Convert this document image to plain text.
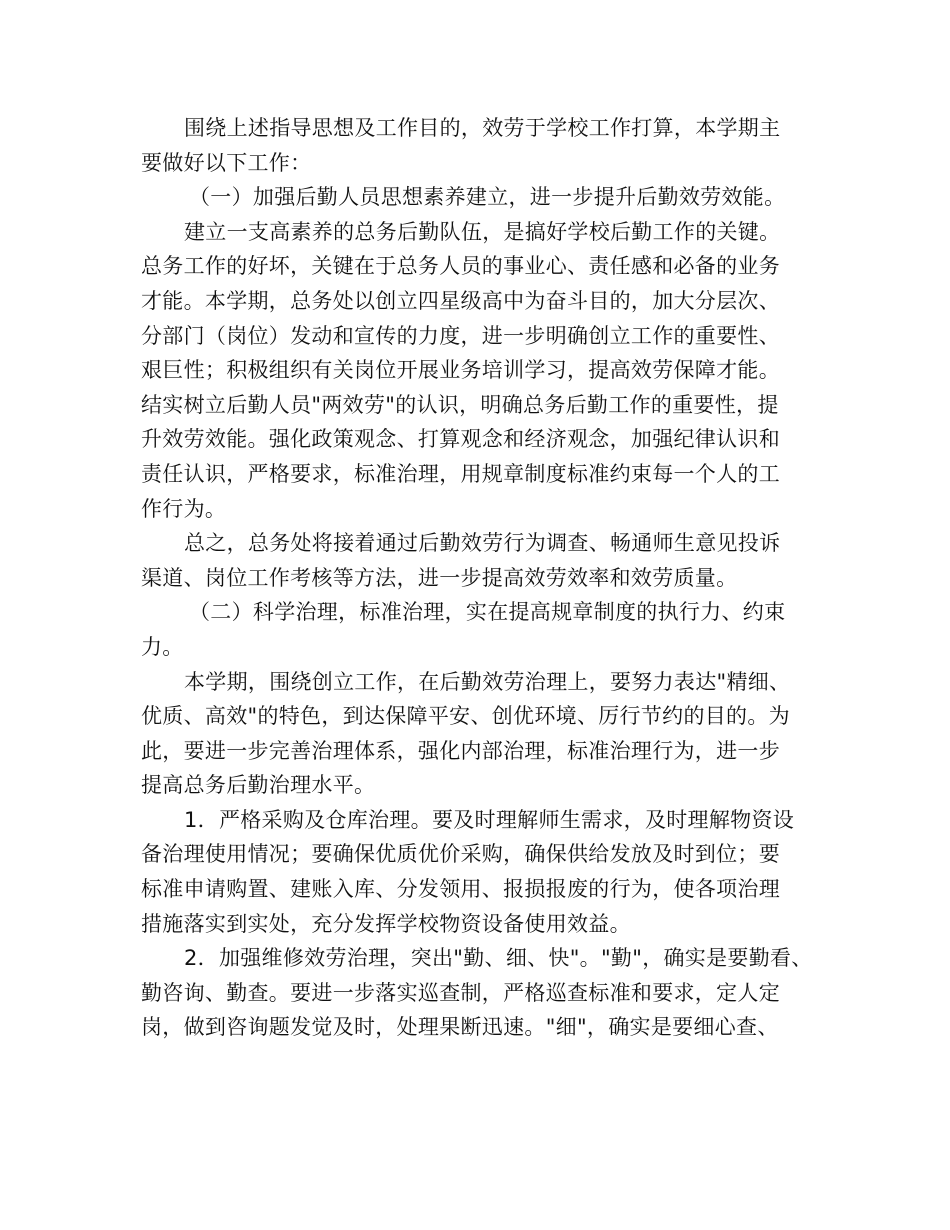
围绕上述指导思想及工作目的，效劳于学校工作打算，本学期主
要做好以下工作：
（一）加强后勤人员思想素养建立，进一步提升后勤效劳效能。
建立一支高素养的总务后勤队伍，是搞好学校后勤工作的关键。
总务工作的好坏，关键在于总务人员的事业心、责任感和必备的业务
才能。本学期，总务处以创立四星级高中为奋斗目的，加大分层次、
分部门（岗位）发动和宣传的力度，进一步明确创立工作的重要性、
艰巨性；积极组织有关岗位开展业务培训学习，提高效劳保障才能。
结实树立后勤人员"两效劳"的认识，明确总务后勤工作的重要性，提
升效劳效能。强化政策观念、打算观念和经济观念，加强纪律认识和
责任认识，严格要求，标准治理，用规章制度标准约束每一个人的工
作行为。
总之，总务处将接着通过后勤效劳行为调查、畅通师生意见投诉
渠道、岗位工作考核等方法，进一步提高效劳效率和效劳质量。
（二）科学治理，标准治理，实在提高规章制度的执行力、约束
力。
本学期，围绕创立工作，在后勤效劳治理上，要努力表达"精细、
优质、高效"的特色，到达保障平安、创优环境、厉行节约的目的。为
此，要进一步完善治理体系，强化内部治理，标准治理行为，进一步
提高总务后勤治理水平。
1．严格采购及仓库治理。要及时理解师生需求，及时理解物资设
备治理使用情况；要确保优质优价采购，确保供给发放及时到位；要
标准申请购置、建账入库、分发领用、报损报废的行为，使各项治理
措施落实到实处，充分发挥学校物资设备使用效益。
2．加强维修效劳治理，突出"勤、细、快"。"勤"，确实是要勤看、
勤咨询、勤查。要进一步落实巡查制，严格巡查标准和要求，定人定
岗，做到咨询题发觉及时，处理果断迅速。"细"，确实是要细心查、
